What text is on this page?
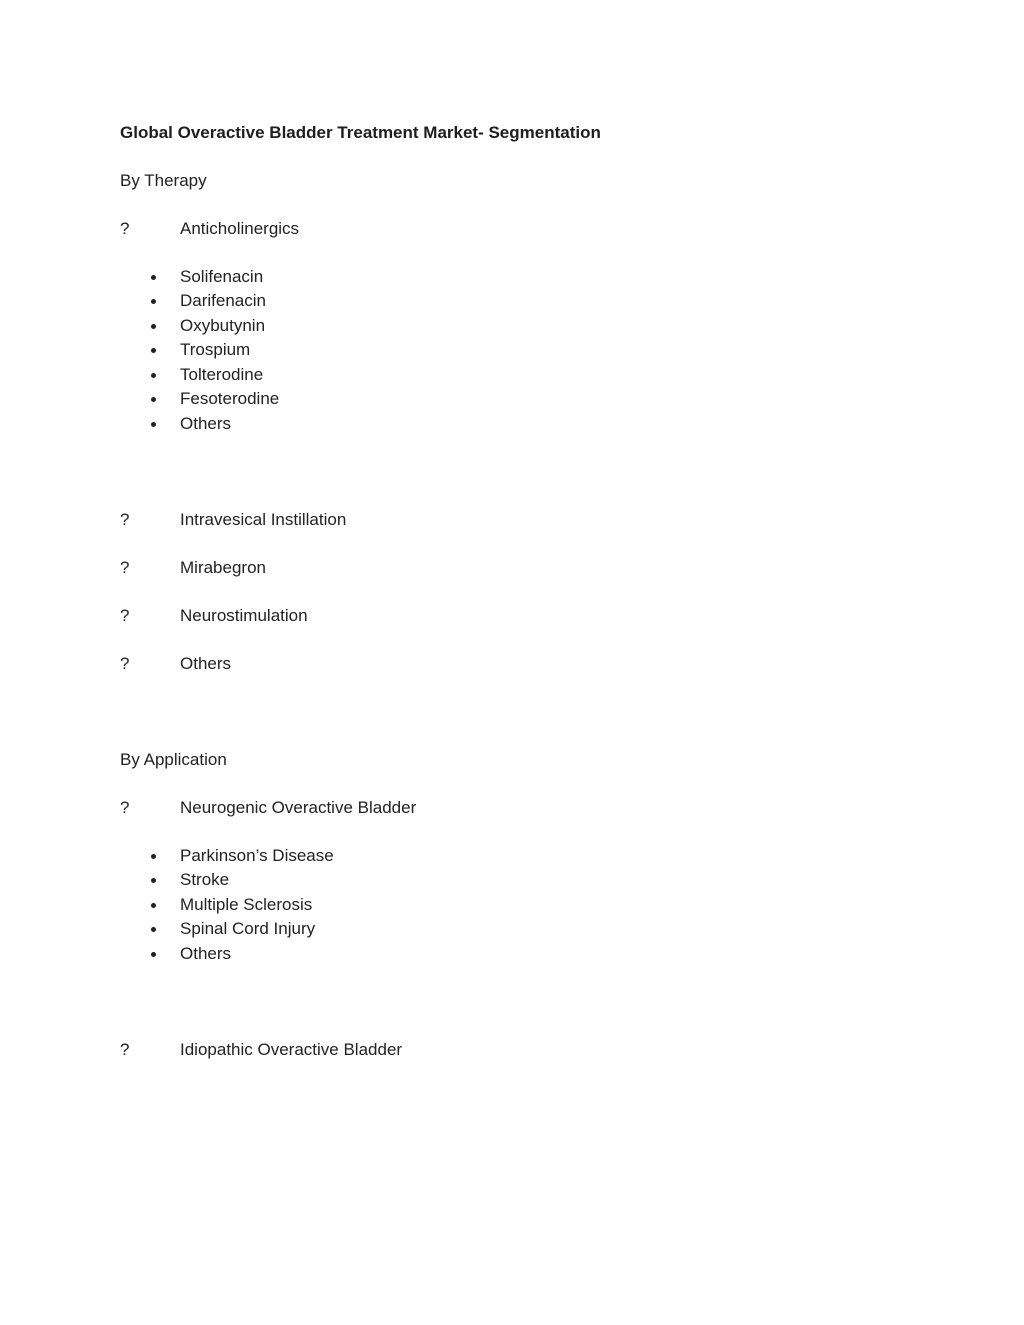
Global Overactive Bladder Treatment Market- Segmentation
By Therapy
?	Anticholinergics
Solifenacin
Darifenacin
Oxybutynin
Trospium
Tolterodine
Fesoterodine
Others
?	Intravesical Instillation
?	Mirabegron
?	Neurostimulation
?	Others
By Application
?	Neurogenic Overactive Bladder
Parkinson’s Disease
Stroke
Multiple Sclerosis
Spinal Cord Injury
Others
?	Idiopathic Overactive Bladder
